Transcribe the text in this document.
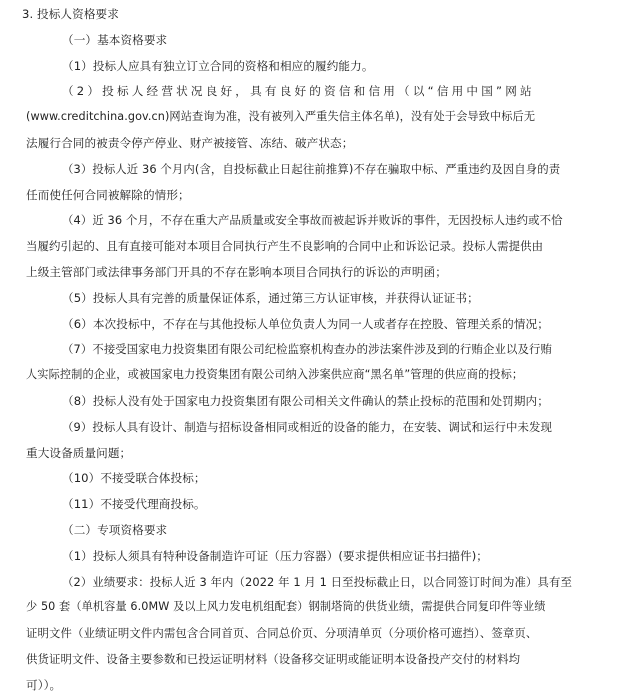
3. 投标人资格要求
（一）基本资格要求
（1）投标人应具有独立订立合同的资格和相应的履约能力。
（2）投标人经营状况良好，具有良好的资信和信用（以“信用中国”网站
(www.creditchina.gov.cn)网站查询为准，没有被列入严重失信主体名单)，没有处于会导致中标后无
法履行合同的被责令停产停业、财产被接管、冻结、破产状态；
（3）投标人近 36 个月内(含，自投标截止日起往前推算)不存在骗取中标、严重违约及因自身的责
任而使任何合同被解除的情形；
（4）近 36 个月，不存在重大产品质量或安全事故而被起诉并败诉的事件，无因投标人违约或不恰
当履约引起的、且有直接可能对本项目合同执行产生不良影响的合同中止和诉讼记录。投标人需提供由
上级主管部门或法律事务部门开具的不存在影响本项目合同执行的诉讼的声明函；
（5）投标人具有完善的质量保证体系，通过第三方认证审核，并获得认证证书；
（6）本次投标中，不存在与其他投标人单位负责人为同一人或者存在控股、管理关系的情况；
（7）不接受国家电力投资集团有限公司纪检监察机构查办的涉法案件涉及到的行贿企业以及行贿
人实际控制的企业，或被国家电力投资集团有限公司纳入涉案供应商“黑名单”管理的供应商的投标；
（8）投标人没有处于国家电力投资集团有限公司相关文件确认的禁止投标的范围和处罚期内；
（9）投标人具有设计、制造与招标设备相同或相近的设备的能力，在安装、调试和运行中未发现
重大设备质量问题；
（10）不接受联合体投标；
（11）不接受代理商投标。
（二）专项资格要求
（1）投标人须具有特种设备制造许可证（压力容器）(要求提供相应证书扫描件)；
（2）业绩要求：投标人近 3 年内（2022 年 1 月 1 日至投标截止日，以合同签订时间为准）具有至
少 50 套（单机容量 6.0MW 及以上风力发电机组配套）钢制塔筒的供货业绩，需提供合同复印件等业绩
证明文件（业绩证明文件内需包含合同首页、合同总价页、分项清单页（分项价格可遮挡）、签章页、
供货证明文件、设备主要参数和已投运证明材料（设备移交证明或能证明本设备投产交付的材料均
可））。
